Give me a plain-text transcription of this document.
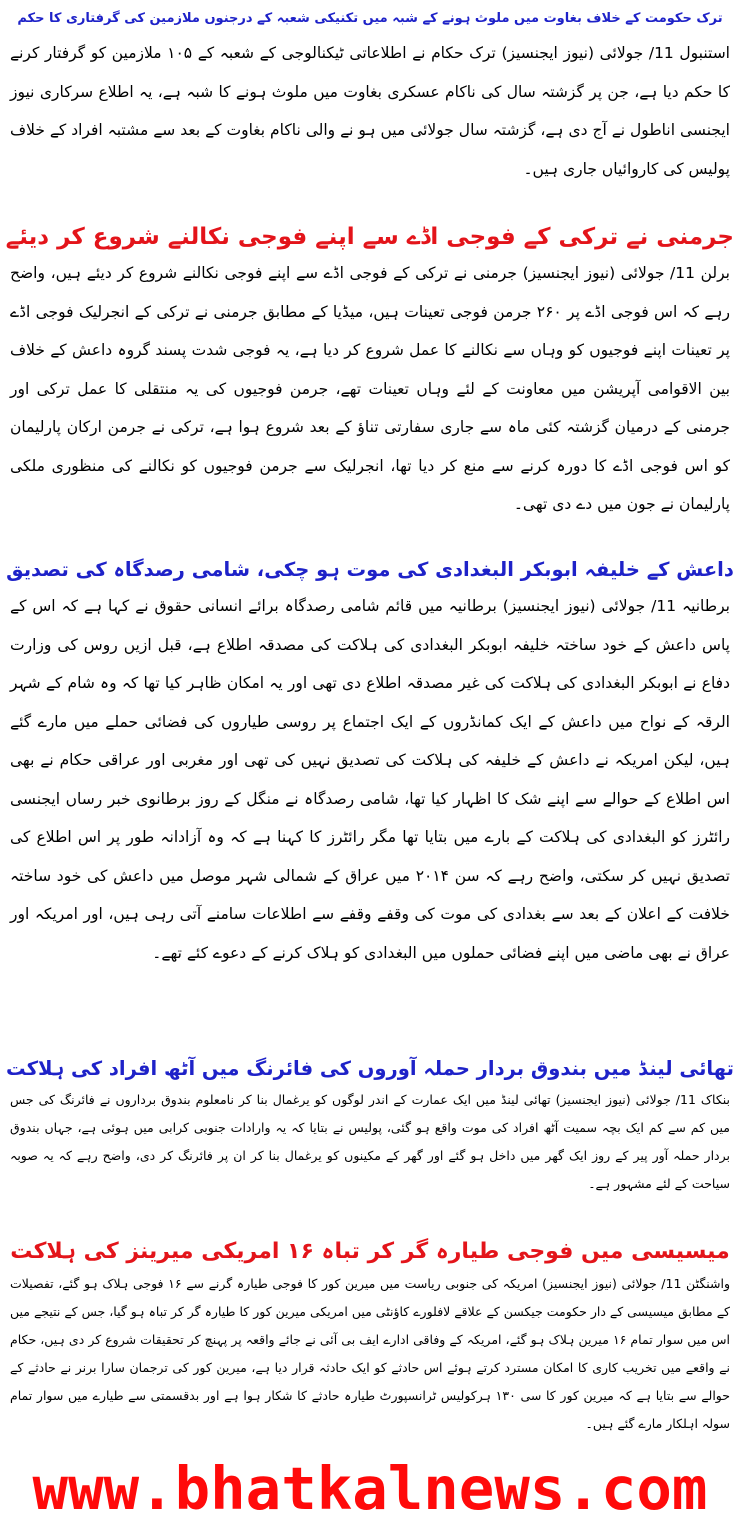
ترک حکومت کے خلاف بغاوت میں ملوث ہونے کے شبہ میں تکنیکی شعبہ کے درجنوں ملازمین کی گرفتاری کا حکم

استنبول 11/ جولائی (نیوز ایجنسیز) ترک حکام نے اطلاعاتی ٹیکنالوجی کے شعبہ کے ۱۰۵ ملازمین کو گرفتار کرنے کا حکم دیا ہے، جن پر گزشتہ سال کی ناکام عسکری بغاوت میں ملوث ہونے کا شبہ ہے، یہ اطلاع سرکاری نیوز ایجنسی اناطول نے آج دی ہے، گزشتہ سال جولائی میں ہو نے والی ناکام بغاوت کے بعد سے مشتبہ افراد کے خلاف پولیس کی کاروائیاں جاری ہیں۔

جرمنی نے ترکی کے فوجی اڈے سے اپنے فوجی نکالنے شروع کر دیئے

برلن 11/ جولائی (نیوز ایجنسیز) جرمنی نے ترکی کے فوجی اڈے سے اپنے فوجی نکالنے شروع کر دیئے ہیں، واضح رہے کہ اس فوجی اڈے پر ۲۶۰ جرمن فوجی تعینات ہیں، میڈیا کے مطابق جرمنی نے ترکی کے انجرلیک فوجی اڈے پر تعینات اپنے فوجیوں کو وہاں سے نکالنے کا عمل شروع کر دیا ہے، یہ فوجی شدت پسند گروہ داعش کے خلاف بین الاقوامی آپریشن میں معاونت کے لئے وہاں تعینات تھے، جرمن فوجیوں کی یہ منتقلی کا عمل ترکی اور جرمنی کے درمیان گزشتہ کئی ماہ سے جاری سفارتی تناؤ کے بعد شروع ہوا ہے، ترکی نے جرمن ارکان پارلیمان کو اس فوجی اڈے کا دورہ کرنے سے منع کر دیا تھا، انجرلیک سے جرمن فوجیوں کو نکالنے کی منظوری ملکی پارلیمان نے جون میں دے دی تھی۔

داعش کے خلیفہ ابوبکر البغدادی کی موت ہو چکی، شامی رصدگاہ کی تصدیق

برطانیہ 11/ جولائی (نیوز ایجنسیز) برطانیہ میں قائم شامی رصدگاہ برائے انسانی حقوق نے کہا ہے کہ اس کے پاس داعش کے خود ساختہ خلیفہ ابوبکر البغدادی کی ہلاکت کی مصدقہ اطلاع ہے، قبل ازیں روس کی وزارت دفاع نے ابوبکر البغدادی کی ہلاکت کی غیر مصدقہ اطلاع دی تھی اور یہ امکان ظاہر کیا تھا کہ وہ شام کے شہر الرقہ کے نواح میں داعش کے ایک کمانڈروں کے ایک اجتماع پر روسی طیاروں کی فضائی حملے میں مارے گئے ہیں، لیکن امریکہ نے داعش کے خلیفہ کی ہلاکت کی تصدیق نہیں کی تھی اور مغربی اور عراقی حکام نے بھی اس اطلاع کے حوالے سے اپنے شک کا اظہار کیا تھا، شامی رصدگاہ نے منگل کے روز برطانوی خبر رساں ایجنسی رائٹرز کو البغدادی کی ہلاکت کے بارے میں بتایا تھا مگر رائٹرز کا کہنا ہے کہ وہ آزادانہ طور پر اس اطلاع کی تصدیق نہیں کر سکتی، واضح رہے کہ سن ۲۰۱۴ میں عراق کے شمالی شہر موصل میں داعش کی خود ساختہ خلافت کے اعلان کے بعد سے بغدادی کی موت کی وقفے وقفے سے اطلاعات سامنے آتی رہی ہیں، اور امریکہ اور عراق نے بھی ماضی میں اپنے فضائی حملوں میں البغدادی کو ہلاک کرنے کے دعوے کئے تھے۔

تھائی لینڈ میں بندوق بردار حملہ آوروں کی فائرنگ میں آٹھ افراد کی ہلاکت

بنکاک 11/ جولائی (نیوز ایجنسیز) تھائی لینڈ میں ایک عمارت کے اندر لوگوں کو یرغمال بنا کر نامعلوم بندوق برداروں نے فائرنگ کی جس میں کم سے کم ایک بچہ سمیت آٹھ افراد کی موت واقع ہو گئی، پولیس نے بتایا کہ یہ وارادات جنوبی کرابی میں ہوئی ہے، جہاں بندوق بردار حملہ آور پیر کے روز ایک گھر میں داخل ہو گئے اور گھر کے مکینوں کو یرغمال بنا کر ان پر فائرنگ کر دی، واضح رہے کہ یہ صوبہ سیاحت کے لئے مشہور ہے۔

میسیسی میں فوجی طیارہ گر کر تباہ ۱۶ امریکی میرینز کی ہلاکت

واشنگٹن 11/ جولائی (نیوز ایجنسیز) امریکہ کی جنوبی ریاست میں میرین کور کا فوجی طیارہ گرنے سے ۱۶ فوجی ہلاک ہو گئے، تفصیلات کے مطابق میسیسی کے دار حکومت جیکسن کے علاقے لافلورے کاؤنٹی میں امریکی میرین کور کا طیارہ گر کر تباہ ہو گیا، جس کے نتیجے میں اس میں سوار تمام ۱۶ میرین ہلاک ہو گئے، امریکہ کے وفاقی ادارے ایف بی آئی نے جائے واقعہ پر پہنچ کر تحقیقات شروع کر دی ہیں، حکام نے واقعے میں تخریب کاری کا امکان مسترد کرتے ہوئے اس حادثے کو ایک حادثہ قرار دیا ہے، میرین کور کی ترجمان سارا برنر نے حادثے کے حوالے سے بتایا ہے کہ میرین کور کا سی ۱۳۰ ہرکولیس ٹرانسپورٹ طیارہ حادثے کا شکار ہوا ہے اور بدقسمتی سے طیارے میں سوار تمام سولہ اہلکار مارے گئے ہیں۔

www.bhatkalnews.com
